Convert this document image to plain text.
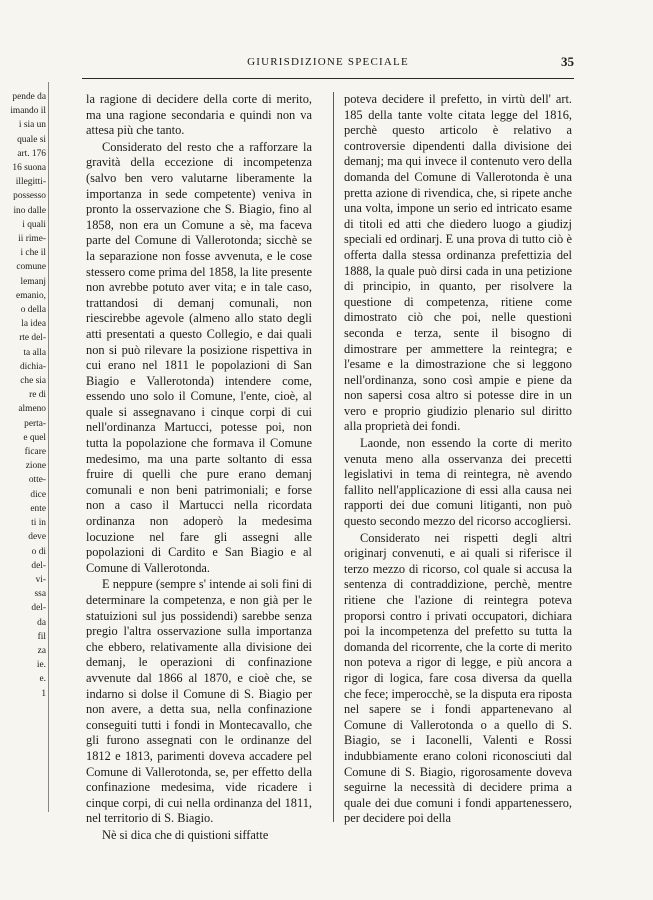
GIURISDIZIONE SPECIALE	35
pende da
imando il
i sia un
quale si
art. 176
16 suona
illegitti-
possesso
ino dalle
i quali
ii rime-
i che il
comune
lemanj
emanio,
o della
la idea
rte del-
ta alla
dichia-
che sia
re di
almeno
perta-
e quel
ficare
zione
otte-
dice
ente
ti in
deve
o di
del-
vi-
ssa
del-
da
fil
za
ie.
e.
1

la ragione di decidere della corte di merito, ma una ragione secondaria e quindi non va attesa più che tanto.

Considerato del resto che a rafforzare la gravità della eccezione di incompetenza (salvo ben vero valutarne liberamente la importanza in sede competente) veniva in pronto la osservazione che S. Biagio, fino al 1858, non era un Comune a sè, ma faceva parte del Comune di Vallerotonda; sicchè se la separazione non fosse avvenuta, e le cose stessero come prima del 1858, la lite presente non avrebbe potuto aver vita; e in tale caso, trattandosi di demanj comunali, non riescirebbe agevole (almeno allo stato degli atti presentati a questo Collegio, e dai quali non si può rilevare la posizione rispettiva in cui erano nel 1811 le popolazioni di San Biagio e Vallerotonda) intendere come, essendo uno solo il Comune, l'ente, cioè, al quale si assegnavano i cinque corpi di cui nell'ordinanza Martucci, potesse poi, non tutta la popolazione che formava il Comune medesimo, ma una parte soltanto di essa fruire di quelli che pure erano demanj comunali e non beni patrimoniali; e forse non a caso il Martucci nella ricordata ordinanza non adoperò la medesima locuzione nel fare gli assegni alle popolazioni di Cardito e San Biagio e al Comune di Vallerotonda.

E neppure (sempre s' intende ai soli fini di determinare la competenza, e non già per le statuizioni sul jus possidendi) sarebbe senza pregio l'altra osservazione sulla importanza che ebbero, relativamente alla divisione dei demanj, le operazioni di confinazione avvenute dal 1866 al 1870, e cioè che, se indarno si dolse il Comune di S. Biagio per non avere, a detta sua, nella confinazione conseguiti tutti i fondi in Montecavallo, che gli furono assegnati con le ordinanze del 1812 e 1813, parimenti doveva accadere pel Comune di Vallerotonda, se, per effetto della confinazione medesima, vide ricadere i cinque corpi, di cui nella ordinanza del 1811, nel territorio di S. Biagio.

Nè si dica che di quistioni siffatte

poteva decidere il prefetto, in virtù dell' art. 185 della tante volte citata legge del 1816, perchè questo articolo è relativo a controversie dipendenti dalla divisione dei demanj; ma qui invece il contenuto vero della domanda del Comune di Vallerotonda è una pretta azione di rivendica, che, si ripete anche una volta, impone un serio ed intricato esame di titoli ed atti che diedero luogo a giudizj speciali ed ordinarj. E una prova di tutto ciò è offerta dalla stessa ordinanza prefettizia del 1888, la quale può dirsi cada in una petizione di principio, in quanto, per risolvere la questione di competenza, ritiene come dimostrato ciò che poi, nelle questioni seconda e terza, sente il bisogno di dimostrare per ammettere la reintegra; e l'esame e la dimostrazione che si leggono nell'ordinanza, sono così ampie e piene da non sapersi cosa altro si potesse dire in un vero e proprio giudizio plenario sul diritto alla proprietà dei fondi.

Laonde, non essendo la corte di merito venuta meno alla osservanza dei precetti legislativi in tema di reintegra, nè avendo fallito nell'applicazione di essi alla causa nei rapporti dei due comuni litiganti, non può questo secondo mezzo del ricorso accogliersi.

Considerato nei rispetti degli altri originarj convenuti, e ai quali si riferisce il terzo mezzo di ricorso, col quale si accusa la sentenza di contraddizione, perchè, mentre ritiene che l'azione di reintegra poteva proporsi contro i privati occupatori, dichiara poi la incompetenza del prefetto su tutta la domanda del ricorrente, che la corte di merito non poteva a rigor di legge, e più ancora a rigor di logica, fare cosa diversa da quella che fece; imperocchè, se la disputa era riposta nel sapere se i fondi appartenevano al Comune di Vallerotonda o a quello di S. Biagio, se i Iaconelli, Valenti e Rossi indubbiamente erano coloni riconosciuti dal Comune di S. Biagio, rigorosamente doveva seguirne la necessità di decidere prima a quale dei due comuni i fondi appartenessero, per decidere poi della
